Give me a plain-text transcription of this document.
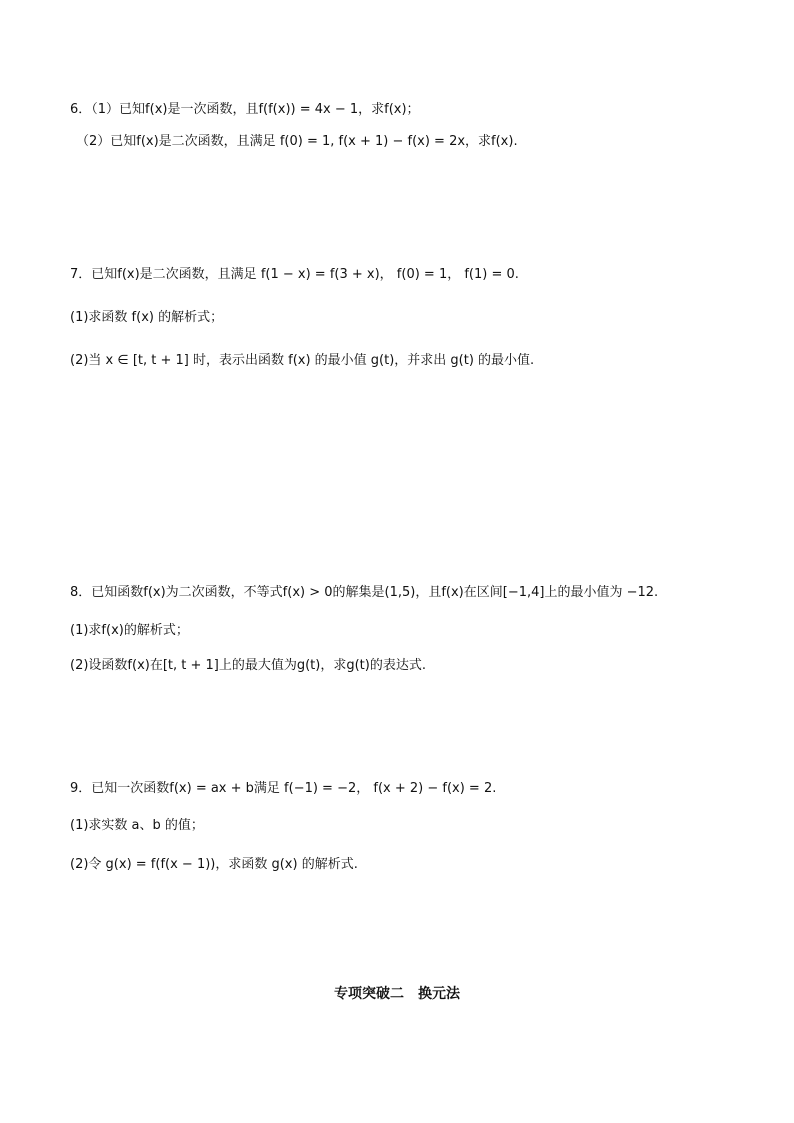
6．（1）已知f(x)是一次函数，且f(f(x)) = 4x − 1，求f(x)；
（2）已知f(x)是二次函数，且满足 f(0) = 1, f(x + 1) − f(x) = 2x，求f(x).
7．已知f(x)是二次函数，且满足 f(1 − x) = f(3 + x)， f(0) = 1， f(1) = 0.
(1)求函数 f(x) 的解析式；
(2)当 x ∈ [t, t + 1] 时，表示出函数 f(x) 的最小值 g(t)，并求出 g(t) 的最小值.
8．已知函数f(x)为二次函数，不等式f(x) > 0的解集是(1,5)，且f(x)在区间[−1,4]上的最小值为 −12.
(1)求f(x)的解析式；
(2)设函数f(x)在[t, t + 1]上的最大值为g(t)，求g(t)的表达式.
9．已知一次函数f(x) = ax + b满足 f(−1) = −2， f(x + 2) − f(x) = 2.
(1)求实数 a、b 的值；
(2)令 g(x) = f(f(x − 1))，求函数 g(x) 的解析式.
专项突破二　换元法
